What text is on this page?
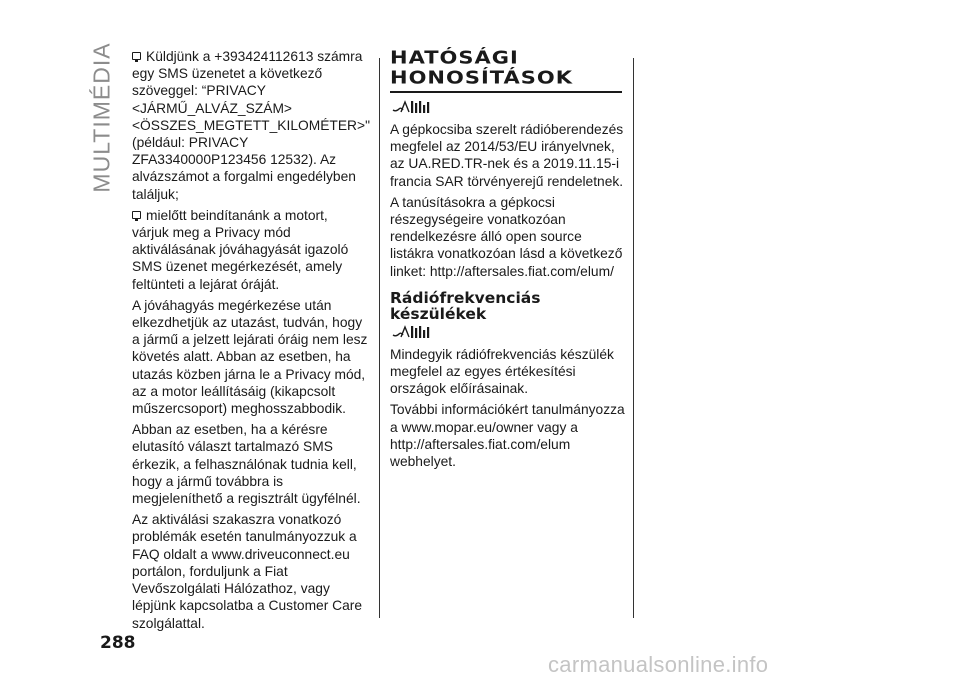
MULTIMÉDIA	Küldjünk a +393424112613 számra egy SMS üzenetet a következő szöveggel: “PRIVACY <JÁRMŰ_ALVÁZ_SZÁM> <ÖSSZES_MEGTETT_KILOMÉTER>" (például: PRIVACY ZFA3340000P123456 12532). Az alvázszámot a forgalmi engedélyben találjuk;

mielőtt beindítanánk a motort, várjuk meg a Privacy mód aktiválásának jóváhagyását igazoló SMS üzenet megérkezését, amely feltünteti a lejárat óráját.

A jóváhagyás megérkezése után elkezdhetjük az utazást, tudván, hogy a jármű a jelzett lejárati óráig nem lesz követés alatt. Abban az esetben, ha utazás közben járna le a Privacy mód, az a motor leállításáig (kikapcsolt műszercsoport) meghosszabbodik.

Abban az esetben, ha a kérésre elutasító választ tartalmazó SMS érkezik, a felhasználónak tudnia kell, hogy a jármű továbbra is megjeleníthető a regisztrált ügyfélnél.

Az aktiválási szakaszra vonatkozó problémák esetén tanulmányozzuk a FAQ oldalt a www.driveuconnect.eu portálon, forduljunk a Fiat Vevőszolgálati Hálózathoz, vagy lépjünk kapcsolatba a Customer Care szolgálattal.

HATÓSÁGI
HONOSÍTÁSOK

A gépkocsiba szerelt rádióberendezés megfelel az 2014/53/EU irányelvnek, az UA.RED.TR-nek és a 2019.11.15-i francia SAR törvényerejű rendeletnek.

A tanúsításokra a gépkocsi részegységeire vonatkozóan rendelkezésre álló open source listákra vonatkozóan lásd a következő linket: http://aftersales.fiat.com/elum/

Rádiófrekvenciás
készülékek

Mindegyik rádiófrekvenciás készülék megfelel az egyes értékesítési országok előírásainak.

További információkért tanulmányozza a www.mopar.eu/owner vagy a http://aftersales.fiat.com/elum webhelyet.

288
carmanualsonline.info
